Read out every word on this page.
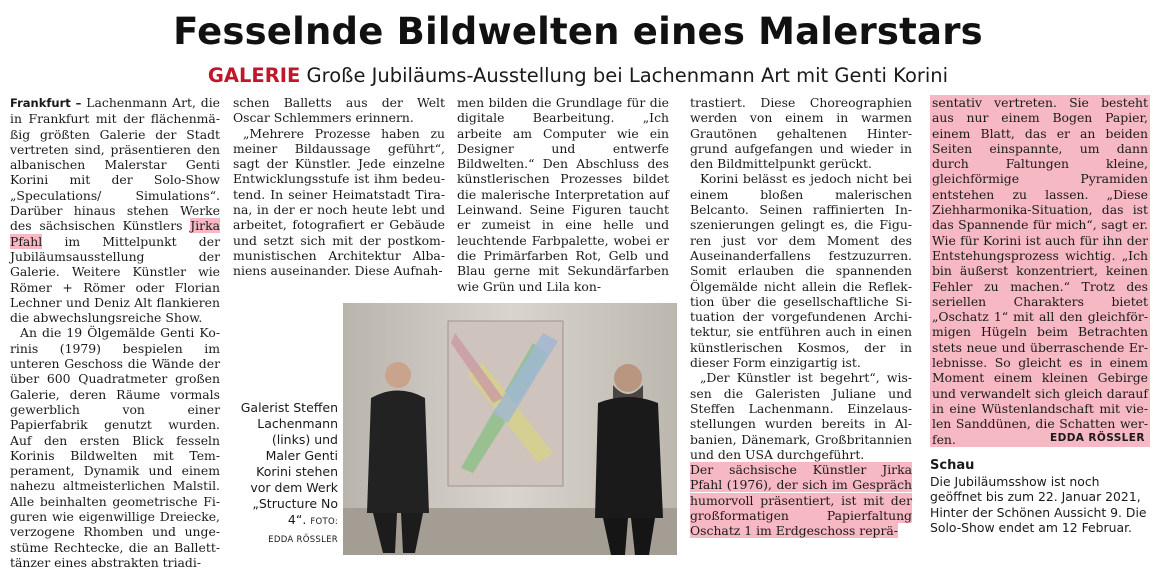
Fesselnde Bildwelten eines Malerstars
GALERIE Große Jubiläums-Ausstellung bei Lachenmann Art mit Genti Korini

Frankfurt – Lachenmann Art, die in Frankfurt mit der flächenmäßig größten Galerie der Stadt vertreten sind, präsentieren den albanischen Malerstar Genti Korini mit der Solo-Show „Speculations/ Simulations“. Darüber hinaus stehen Werke des sächsischen Künstlers Jirka Pfahl im Mittelpunkt der Jubiläumsausstellung der Galerie. Weitere Künstler wie Römer + Römer oder Florian Lechner und Deniz Alt flankieren die abwechslungsreiche Show.

An die 19 Ölgemälde Genti Korinis (1979) bespielen im unteren Geschoss die Wände der über 600 Quadratmeter großen Galerie, deren Räume vormals gewerblich von einer Papierfabrik genutzt wurden. Auf den ersten Blick fesseln Korinis Bildwelten mit Temperament, Dynamik und einem nahezu altmeisterlichen Malstil. Alle beinhalten geometrische Figuren wie eigenwillige Dreiecke, verzogene Rhomben und ungestüme Rechtecke, die an Balletttänzer eines abstrakten triadi-

schen Balletts aus der Welt Oscar Schlemmers erinnern.

„Mehrere Prozesse haben zu meiner Bildaussage geführt“, sagt der Künstler. Jede einzelne Entwicklungsstufe ist ihm bedeutend. In seiner Heimatstadt Tirana, in der er noch heute lebt und arbeitet, fotografiert er Gebäude und setzt sich mit der postkommunistischen Architektur Albaniens auseinander. Diese Aufnah-

men bilden die Grundlage für die digitale Bearbeitung. „Ich arbeite am Computer wie ein Designer und entwerfe Bildwelten.“ Den Abschluss des künstlerischen Prozesses bildet die malerische Interpretation auf Leinwand. Seine Figuren taucht er zumeist in eine helle und leuchtende Farbpalette, wobei er die Primärfarben Rot, Gelb und Blau gerne mit Sekundärfarben wie Grün und Lila kon-

trastiert. Diese Choreographien werden von einem in warmen Grautönen gehaltenen Hintergrund aufgefangen und wieder in den Bildmittelpunkt gerückt.

Korini belässt es jedoch nicht bei einem bloßen malerischen Belcanto. Seinen raffinierten Inszenierungen gelingt es, die Figuren just vor dem Moment des Auseinanderfallens festzuzurren. Somit erlauben die spannenden Ölgemälde nicht allein die Reflektion über die gesellschaftliche Situation der vorgefundenen Architektur, sie entführen auch in einen künstlerischen Kosmos, der in dieser Form einzigartig ist.

„Der Künstler ist begehrt“, wissen die Galeristen Juliane und Steffen Lachenmann. Einzelausstellungen wurden bereits in Albanien, Dänemark, Großbritannien und den USA durchgeführt.

Der sächsische Künstler Jirka Pfahl (1976), der sich im Gespräch humorvoll präsentiert, ist mit der großformatigen Papierfaltung Oschatz 1 im Erdgeschoss reprä-

sentativ vertreten. Sie besteht aus nur einem Bogen Papier, einem Blatt, das er an beiden Seiten einspannte, um dann durch Faltungen kleine, gleichförmige Pyramiden entstehen zu lassen. „Diese Ziehharmonika-Situation, das ist das Spannende für mich“, sagt er. Wie für Korini ist auch für ihn der Entstehungsprozess wichtig. „Ich bin äußerst konzentriert, keinen Fehler zu machen.“ Trotz des seriellen Charakters bietet „Oschatz 1“ mit all den gleichförmigen Hügeln beim Betrachten stets neue und überraschende Erlebnisse. So gleicht es in einem Moment einem kleinen Gebirge und verwandelt sich gleich darauf in eine Wüstenlandschaft mit vielen Sanddünen, die Schatten werfen.	EDDA RÖSSLER
Galerist Steffen Lachenmann (links) und Maler Genti Korini stehen vor dem Werk „Structure No 4“. FOTO:
EDDA RÖSSLER
Schau
Die Jubiläumsshow ist noch geöffnet bis zum 22. Januar 2021, Hinter der Schönen Aussicht 9. Die Solo-Show endet am 12 Februar.
